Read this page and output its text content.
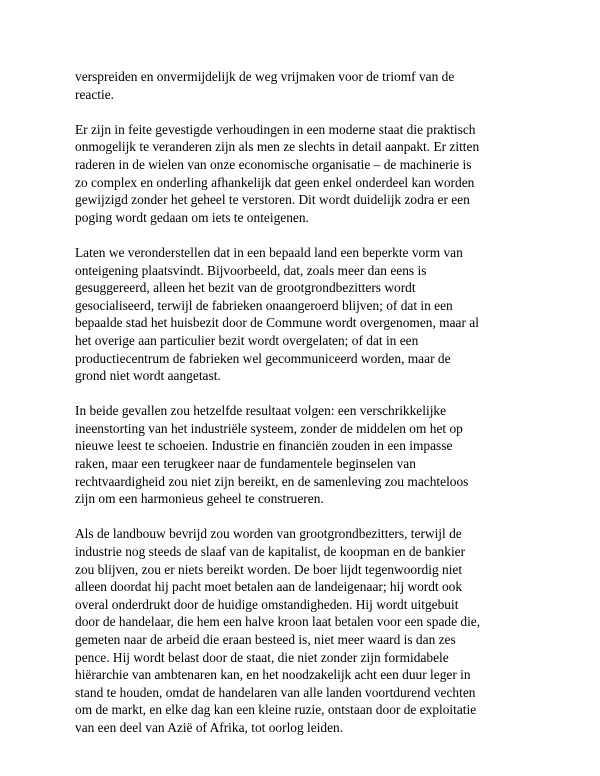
verspreiden en onvermijdelijk de weg vrijmaken voor de triomf van de
reactie.

Er zijn in feite gevestigde verhoudingen in een moderne staat die praktisch
onmogelijk te veranderen zijn als men ze slechts in detail aanpakt. Er zitten
raderen in de wielen van onze economische organisatie – de machinerie is
zo complex en onderling afhankelijk dat geen enkel onderdeel kan worden
gewijzigd zonder het geheel te verstoren. Dit wordt duidelijk zodra er een
poging wordt gedaan om iets te onteigenen.

Laten we veronderstellen dat in een bepaald land een beperkte vorm van
onteigening plaatsvindt. Bijvoorbeeld, dat, zoals meer dan eens is
gesuggereerd, alleen het bezit van de grootgrondbezitters wordt
gesocialiseerd, terwijl de fabrieken onaangeroerd blijven; of dat in een
bepaalde stad het huisbezit door de Commune wordt overgenomen, maar al
het overige aan particulier bezit wordt overgelaten; of dat in een
productiecentrum de fabrieken wel gecommuniceerd worden, maar de
grond niet wordt aangetast.

In beide gevallen zou hetzelfde resultaat volgen: een verschrikkelijke
ineenstorting van het industriële systeem, zonder de middelen om het op
nieuwe leest te schoeien. Industrie en financiën zouden in een impasse
raken, maar een terugkeer naar de fundamentele beginselen van
rechtvaardigheid zou niet zijn bereikt, en de samenleving zou machteloos
zijn om een harmonieus geheel te construeren.

Als de landbouw bevrijd zou worden van grootgrondbezitters, terwijl de
industrie nog steeds de slaaf van de kapitalist, de koopman en de bankier
zou blijven, zou er niets bereikt worden. De boer lijdt tegenwoordig niet
alleen doordat hij pacht moet betalen aan de landeigenaar; hij wordt ook
overal onderdrukt door de huidige omstandigheden. Hij wordt uitgebuit
door de handelaar, die hem een halve kroon laat betalen voor een spade die,
gemeten naar de arbeid die eraan besteed is, niet meer waard is dan zes
pence. Hij wordt belast door de staat, die niet zonder zijn formidabele
hiërarchie van ambtenaren kan, en het noodzakelijk acht een duur leger in
stand te houden, omdat de handelaren van alle landen voortdurend vechten
om de markt, en elke dag kan een kleine ruzie, ontstaan door de exploitatie
van een deel van Azië of Afrika, tot oorlog leiden.
